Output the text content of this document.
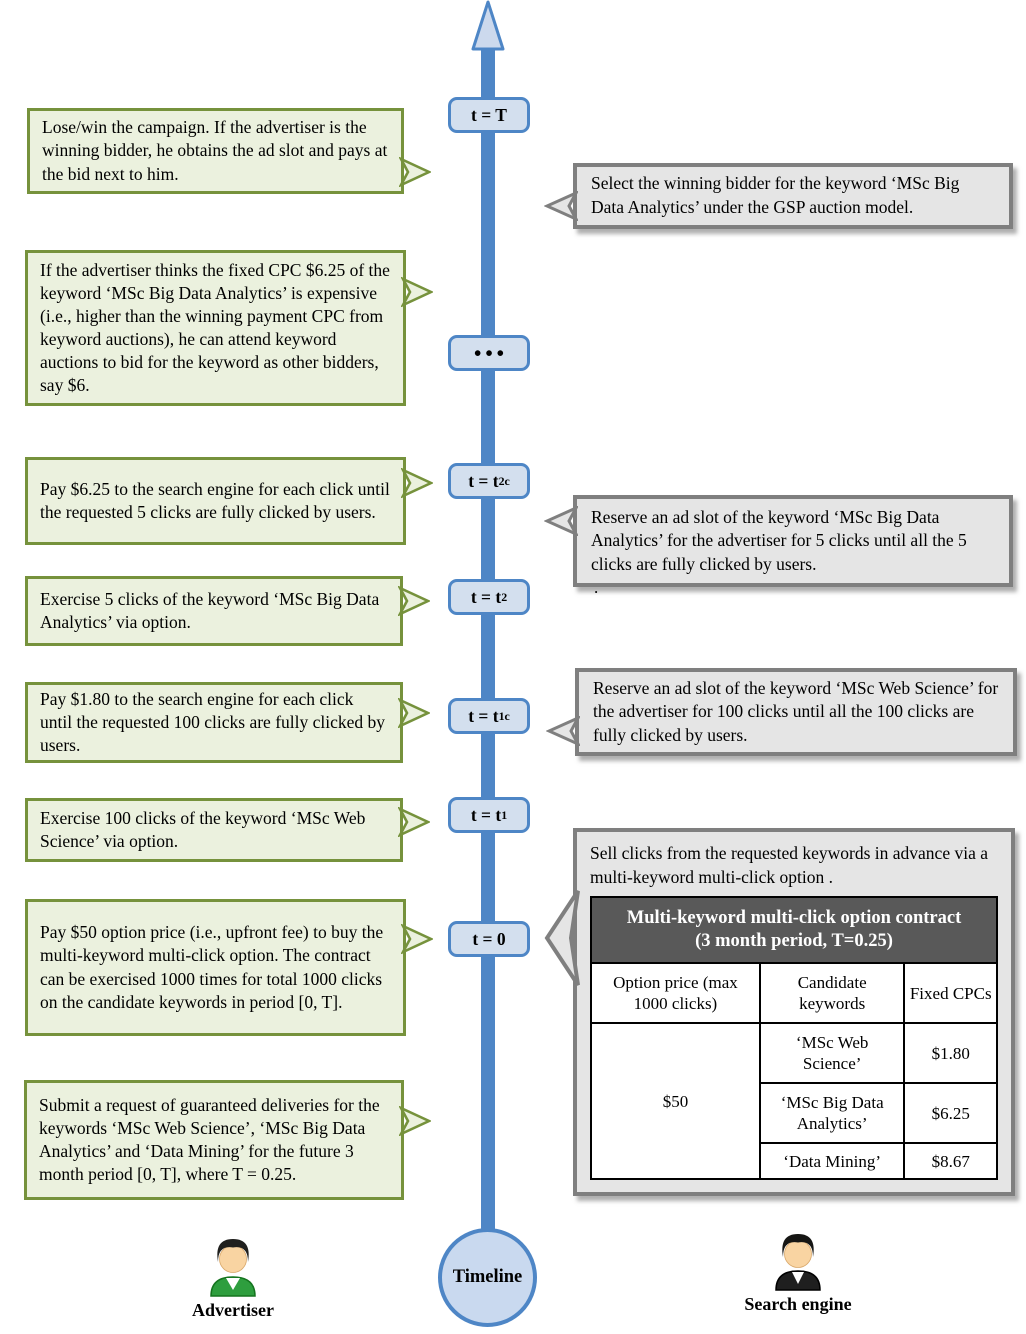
t = T
•••
t = t 2 c
t = t 2
t = t 1 c
t = t 1
t = 0
Timeline
Lose/win the campaign. If the advertiser is the winning bidder, he obtains the ad slot and pays at the bid next to him.
If the advertiser thinks the fixed CPC $6.25 of the keyword ‘MSc Big Data Analytics’ is expensive (i.e., higher than the winning payment CPC from keyword auctions), he can attend keyword auctions to bid for the keyword as other bidders, say $6.
Pay $6.25 to the search engine for each click until the requested 5 clicks are fully clicked by users.
Exercise 5 clicks of the keyword ‘MSc Big Data Analytics’ via option.
Pay $1.80 to the search engine for each click until the requested 100 clicks are fully clicked by users.
Exercise 100 clicks of the keyword ‘MSc Web Science’ via option.
Pay $50 option price (i.e., upfront fee) to buy the multi-keyword multi-click option. The contract can be exercised 1000 times for total 1000 clicks on the candidate keywords in period [0, T].
Submit a request of guaranteed deliveries for the keywords ‘MSc Web Science’, ‘MSc Big Data Analytics’ and ‘Data Mining’ for the future 3 month period [0, T], where T = 0.25.
Select the winning bidder for the keyword ‘MSc Big Data Analytics’ under the GSP auction model.
Reserve an ad slot of the keyword ‘MSc Big Data Analytics’ for the advertiser for 5 clicks until all the 5 clicks are fully clicked by users.
.
Reserve an ad slot of the keyword ‘MSc Web Science’ for the advertiser for 100 clicks until all the 100 clicks are fully clicked by users.
Sell clicks from the requested keywords in advance via a multi-keyword multi-click option .
Multi-keyword multi-click option contract
(3 month period, T=0.25)		

Option price (max 1000 clicks)	Candidate keywords	Fixed CPCs
$50	‘MSc Web Science’	$1.80
	‘MSc Big Data Analytics’	$6.25
	‘Data Mining’	$8.67
Advertiser	Search engine
